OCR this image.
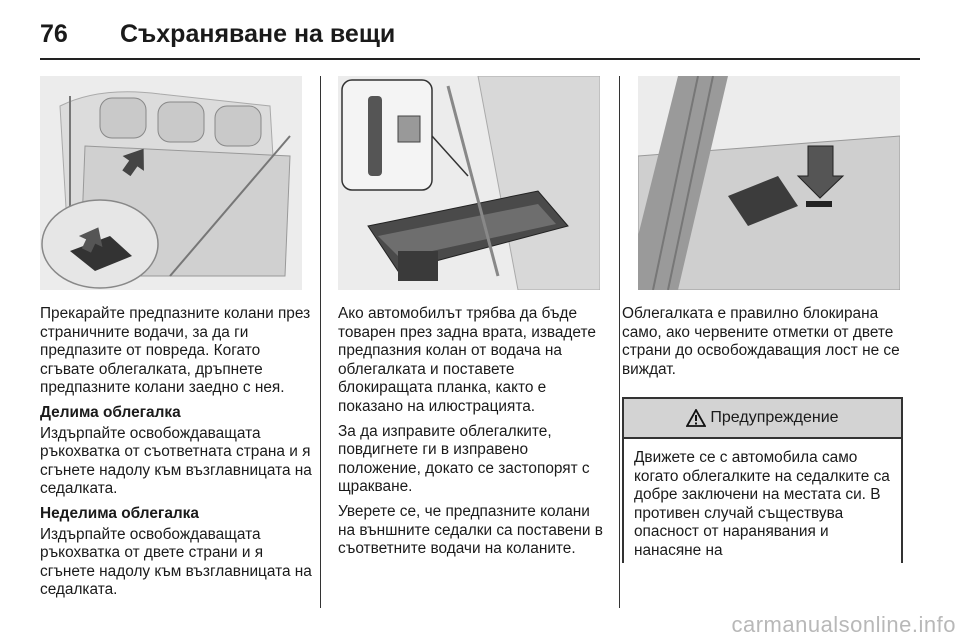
76 Съхраняване на вещи

Прекарайте предпазните колани през страничните водачи, за да ги предпазите от повреда. Когато сгъвате облегалката, дръпнете предпазните колани заедно с нея.

Делима облегалка

Издърпайте освобождаващата ръкохватка от съответната страна и я сгънете надолу към възглавницата на седалката.

Неделима облегалка

Издърпайте освобождаващата ръкохватка от двете страни и я сгънете надолу към възглавницата на седалката.

Ако автомобилът трябва да бъде товарен през задна врата, извадете предпазния колан от водача на облегалката и поставете блокиращата планка, както е показано на илюстрацията.

За да изправите облегалките, повдигнете ги в изправено положение, докато се застопорят с щракване.

Уверете се, че предпазните колани на външните седалки са поставени в съответните водачи на коланите.

Облегалката е правилно блокирана само, ако червените отметки от двете страни до освобождаващия лост не се виждат.

Предупреждение
Движете се с автомобила само когато облегалките на седалките са добре заключени на местата си. В противен случай съществува опасност от наранявания и нанасяне на
carmanualsonline.info
